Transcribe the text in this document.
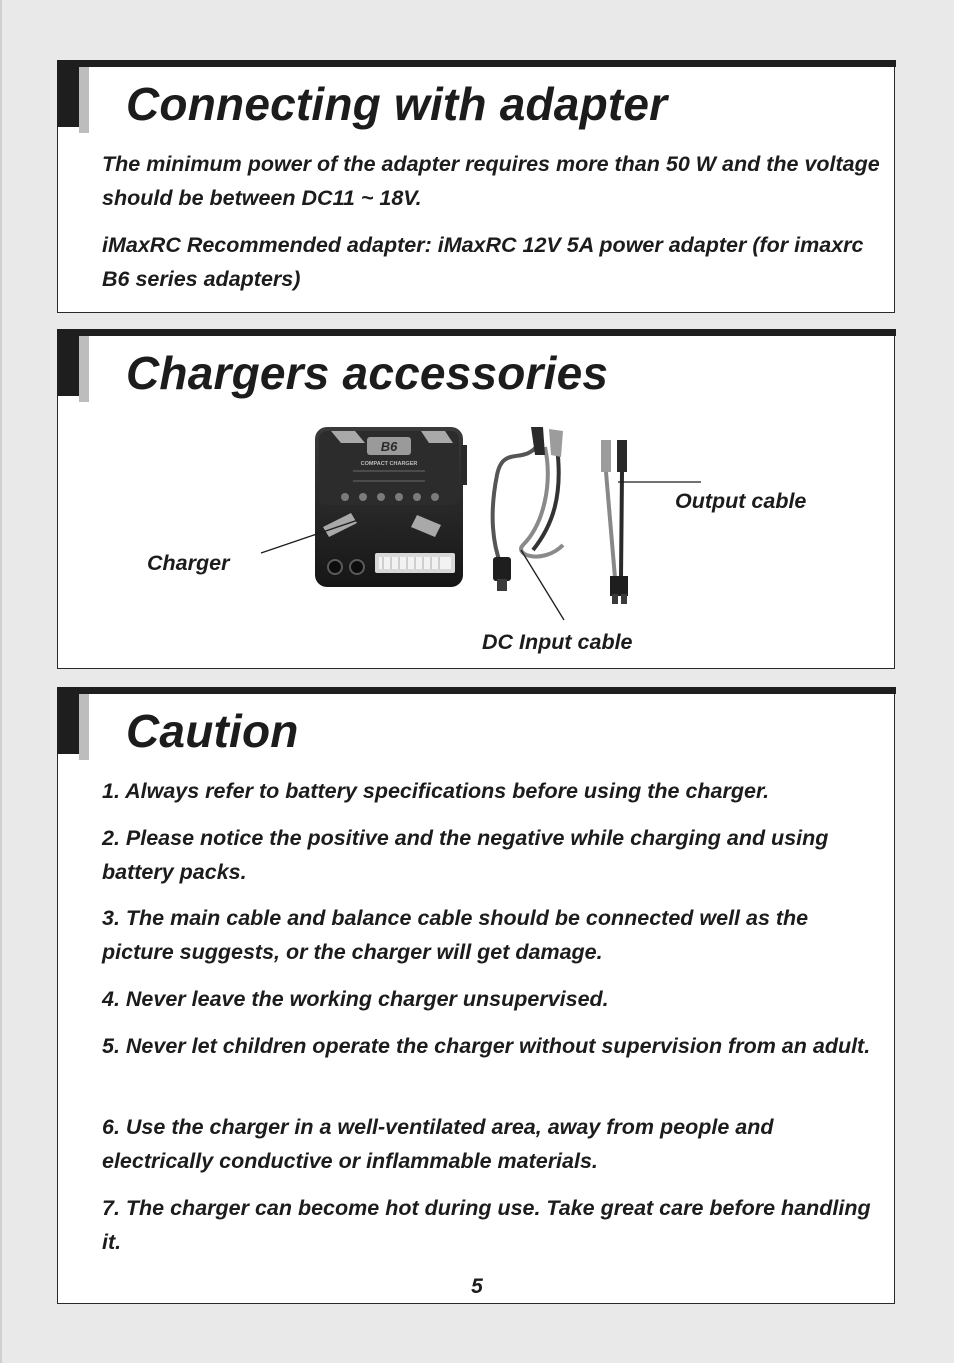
Connecting with adapter

The minimum power of the adapter requires more than 50 W and the voltage should be between DC11 ~ 18V.

iMaxRC Recommended adapter: iMaxRC 12V 5A power adapter (for imaxrc B6 series adapters)

Chargers accessories
B6
COMPACT CHARGER

Charger

Output cable

DC Input cable

Caution

1. Always refer to battery specifications before using the charger.

2. Please notice the positive and the negative while charging and using battery packs.

3. The main cable and balance cable should be connected well as the picture suggests, or the charger will get damage.

4. Never leave the working charger unsupervised.

5. Never let children operate the charger without supervision from an adult.

6. Use the charger in a well-ventilated area, away from people and electrically conductive or inflammable materials.

7. The charger can become hot during use. Take great care before handling it.

5
